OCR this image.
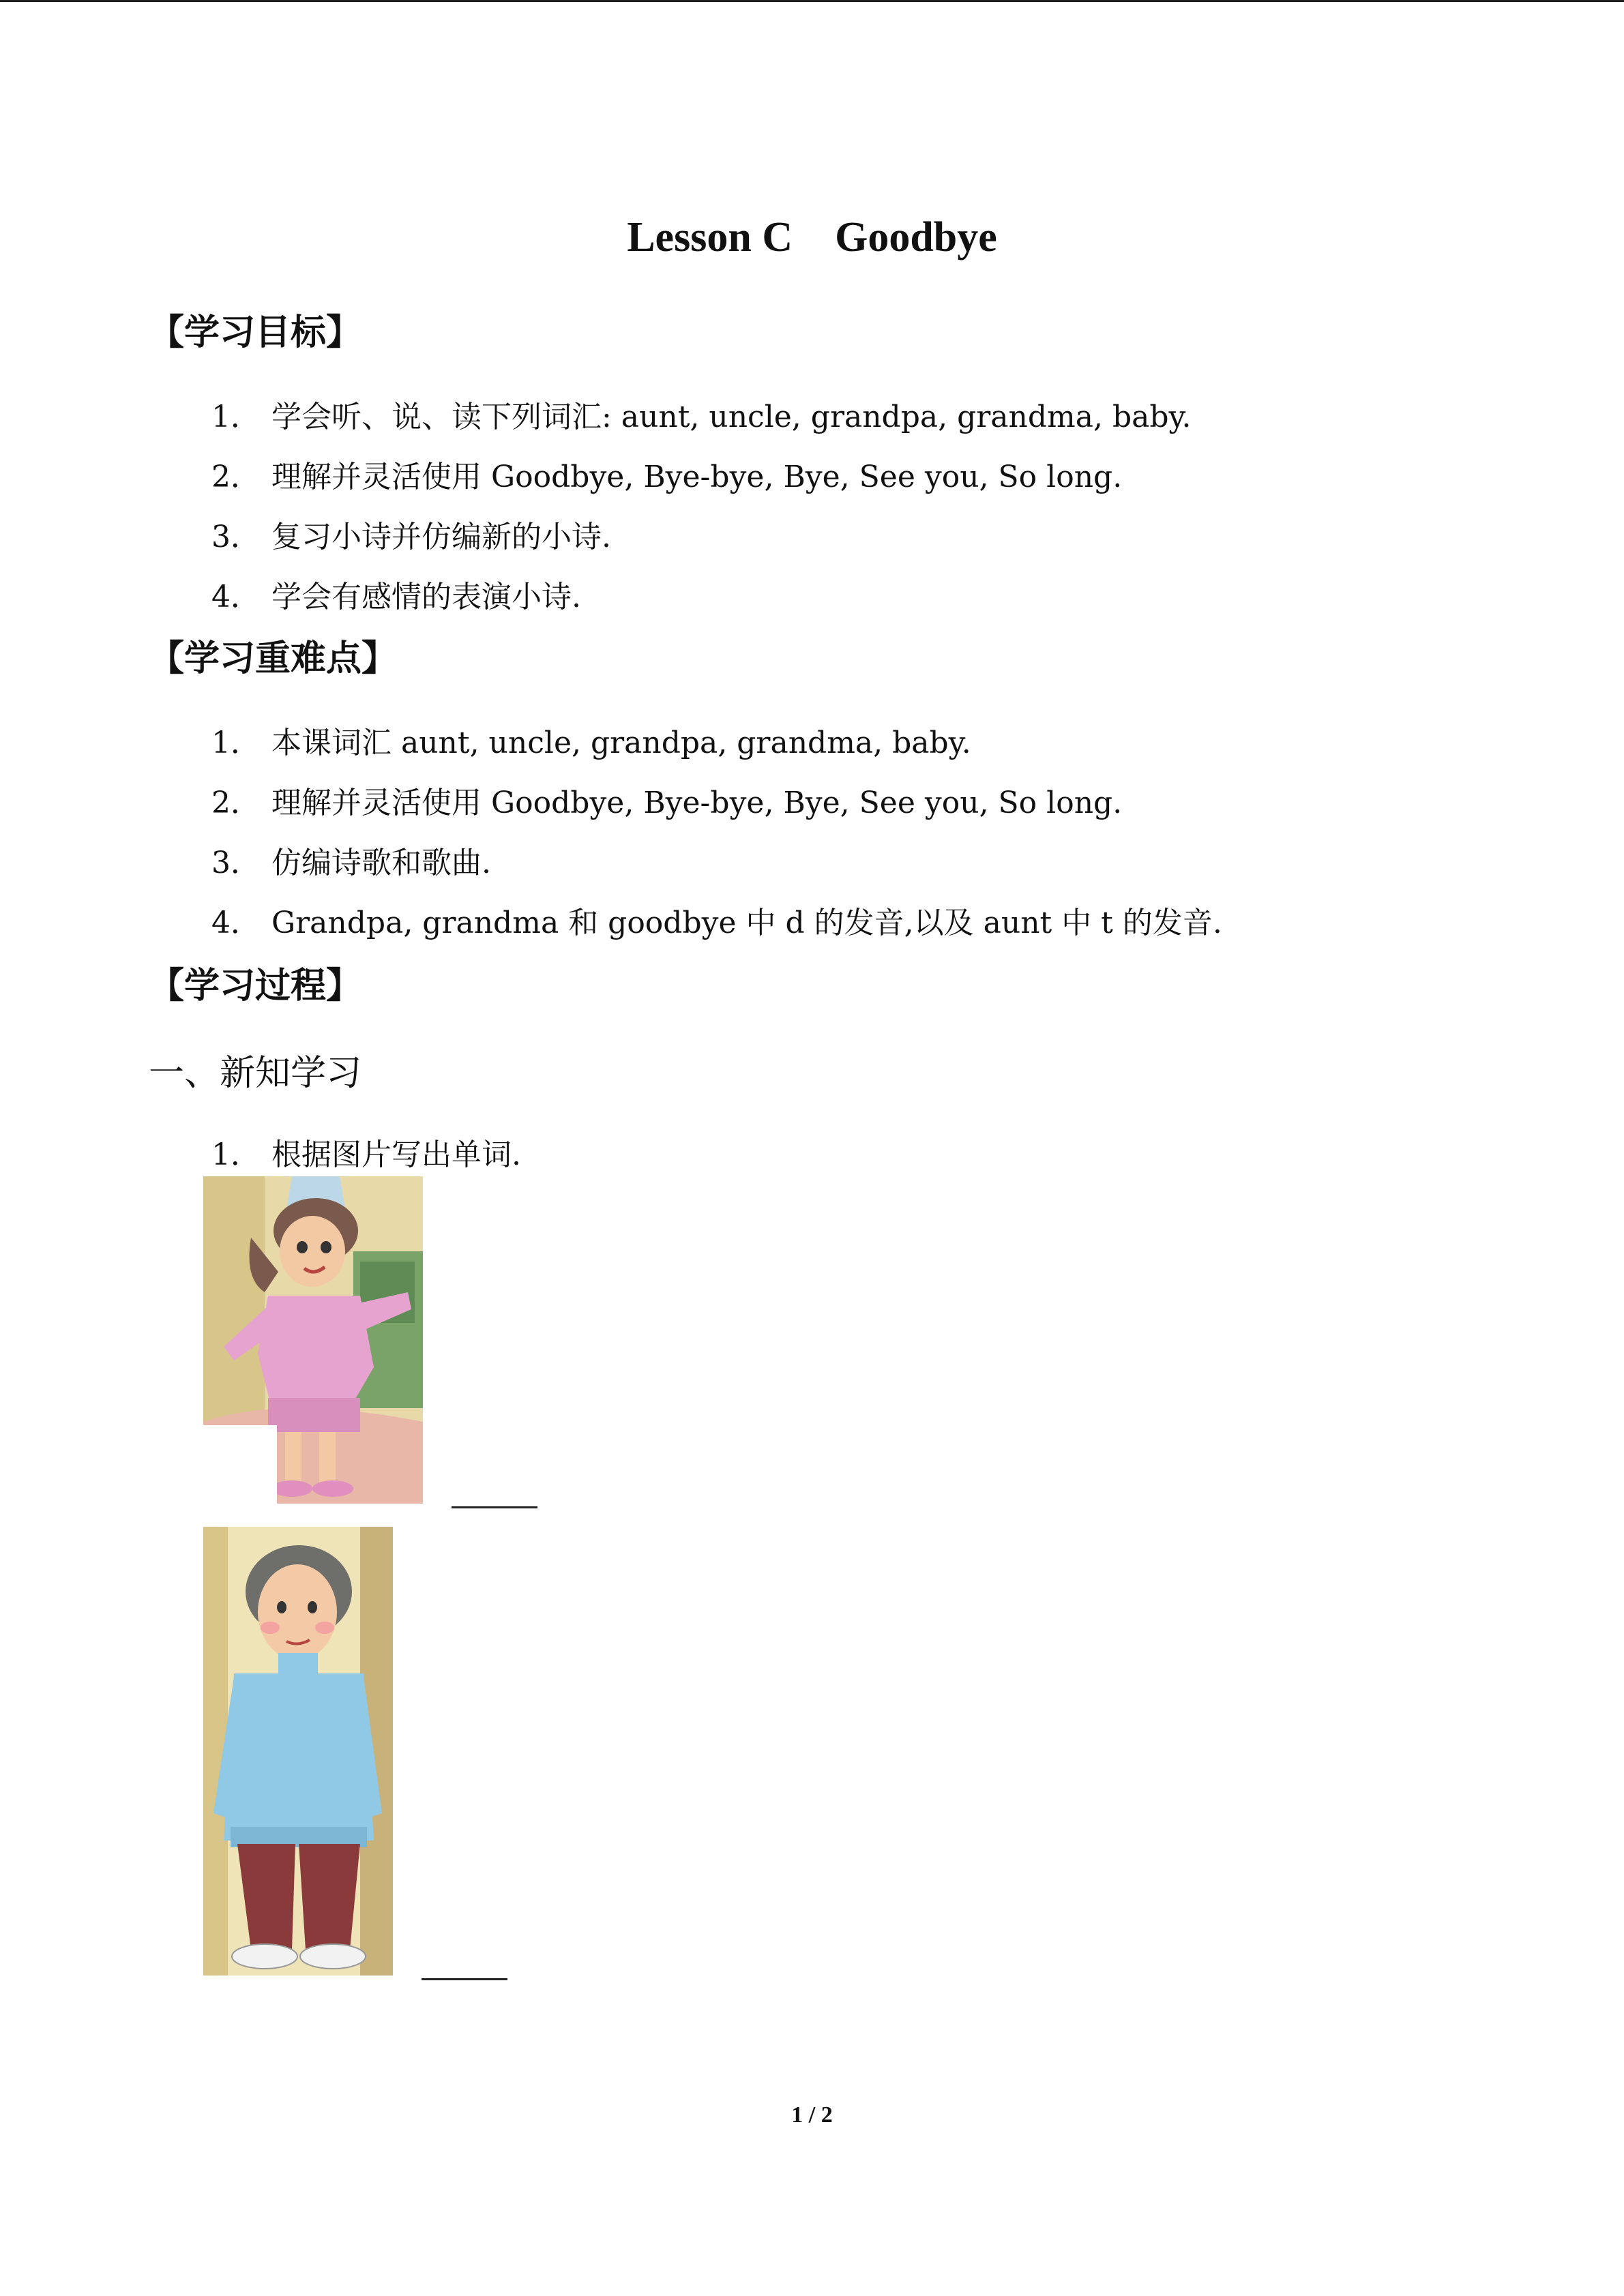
Lesson C    Goodbye
【学习目标】
1． 学会听、说、读下列词汇: aunt, uncle, grandpa, grandma, baby.
2． 理解并灵活使用 Goodbye, Bye-bye, Bye, See you, So long.
3． 复习小诗并仿编新的小诗.
4． 学会有感情的表演小诗.
【学习重难点】
1． 本课词汇 aunt, uncle, grandpa, grandma, baby.
2． 理解并灵活使用 Goodbye, Bye-bye, Bye, See you, So long.
3． 仿编诗歌和歌曲.
4． Grandpa, grandma 和 goodbye 中 d 的发音,以及 aunt 中 t 的发音.
【学习过程】
一、新知学习
1． 根据图片写出单词.
1 / 2
